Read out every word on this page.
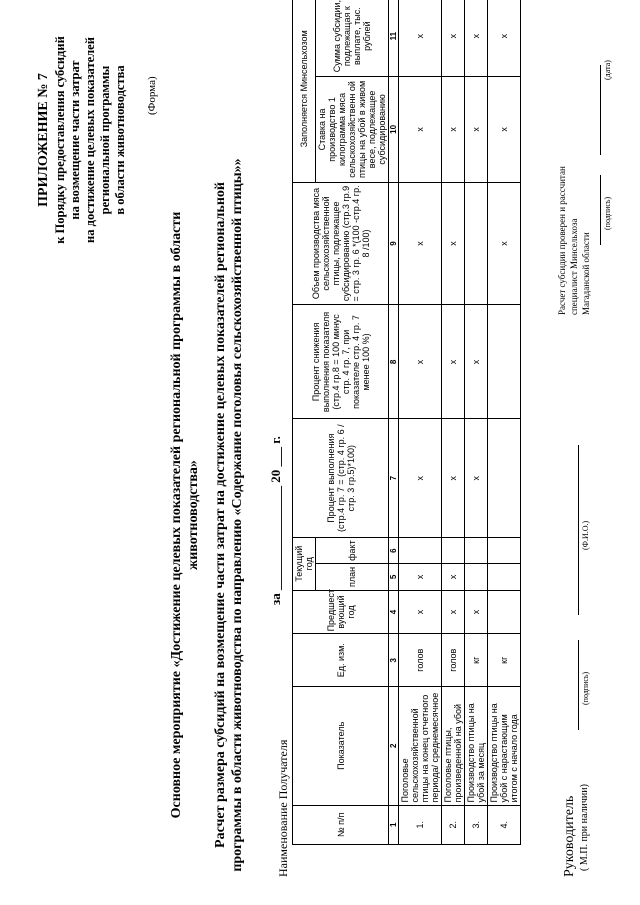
ПРИЛОЖЕНИЕ № 7 к Порядку предоставления субсидий на возмещение части затрат на достижение целевых показателей региональной программы в области животноводства (Форма)
Основное мероприятие «Достижение целевых показателей региональной программы в области животноводства» Расчет размера субсидий на возмещение части затрат на достижение целевых показателей региональной программы в области животноводства по направлению «Содержание поголовья сельскохозяйственной птицы»» за ________________ 20 ___ г.
Наименование Получателя	№ п/п	Показатель	Ед. изм.	Предшест вующий год	Текущий год		Процент выполнения (стр.4 гр. 7 = (стр. 4 гр. 6 / стр. 3 гр.5)*100)	Процент снижения выполнения показателя (стр.4 гр.8 = 100 минус стр. 4 гр. 7, при показателе стр. 4 гр. 7 менее 100 %)	Объем производства мяса сельскохозяйственной птицы, подлежащее субсидированию (стр.3 гр.9 = стр. 3 гр. 6 *(100 -стр.4 гр. 8 /100)	Заполняется Минсельхозом	
				план	факт				Ставка на производство 1 килограмма мяса сельскохозяйственн ой птицы на убой в живом весе, подлежащее субсидированию	Сумма субсидии, подлежащая к выплате, тыс. рублей
1	2	3	4	5	6	7	8	9	10	11
1.	Поголовье сельскохозяйственной птицы на конец отчетного периода/ среднемесячное	голов	х	х		х	х	х	х	х
2.	Поголовье птицы, произведенной на убой	голов	х	х		х	х	х	х	х
3.	Производство птицы на убой за месяц	кг	х			х	х		х	х
4.	Производство птицы на убой с нарастающим итогом с начало года	кг						х	х	х
Руководитель ( М.П. при наличии)
(подпись)
(Ф.И.О.)
Расчет субсидии проверен и рассчитан специалист Минсельхоза Магаданской области
(подпись)
(дата)
